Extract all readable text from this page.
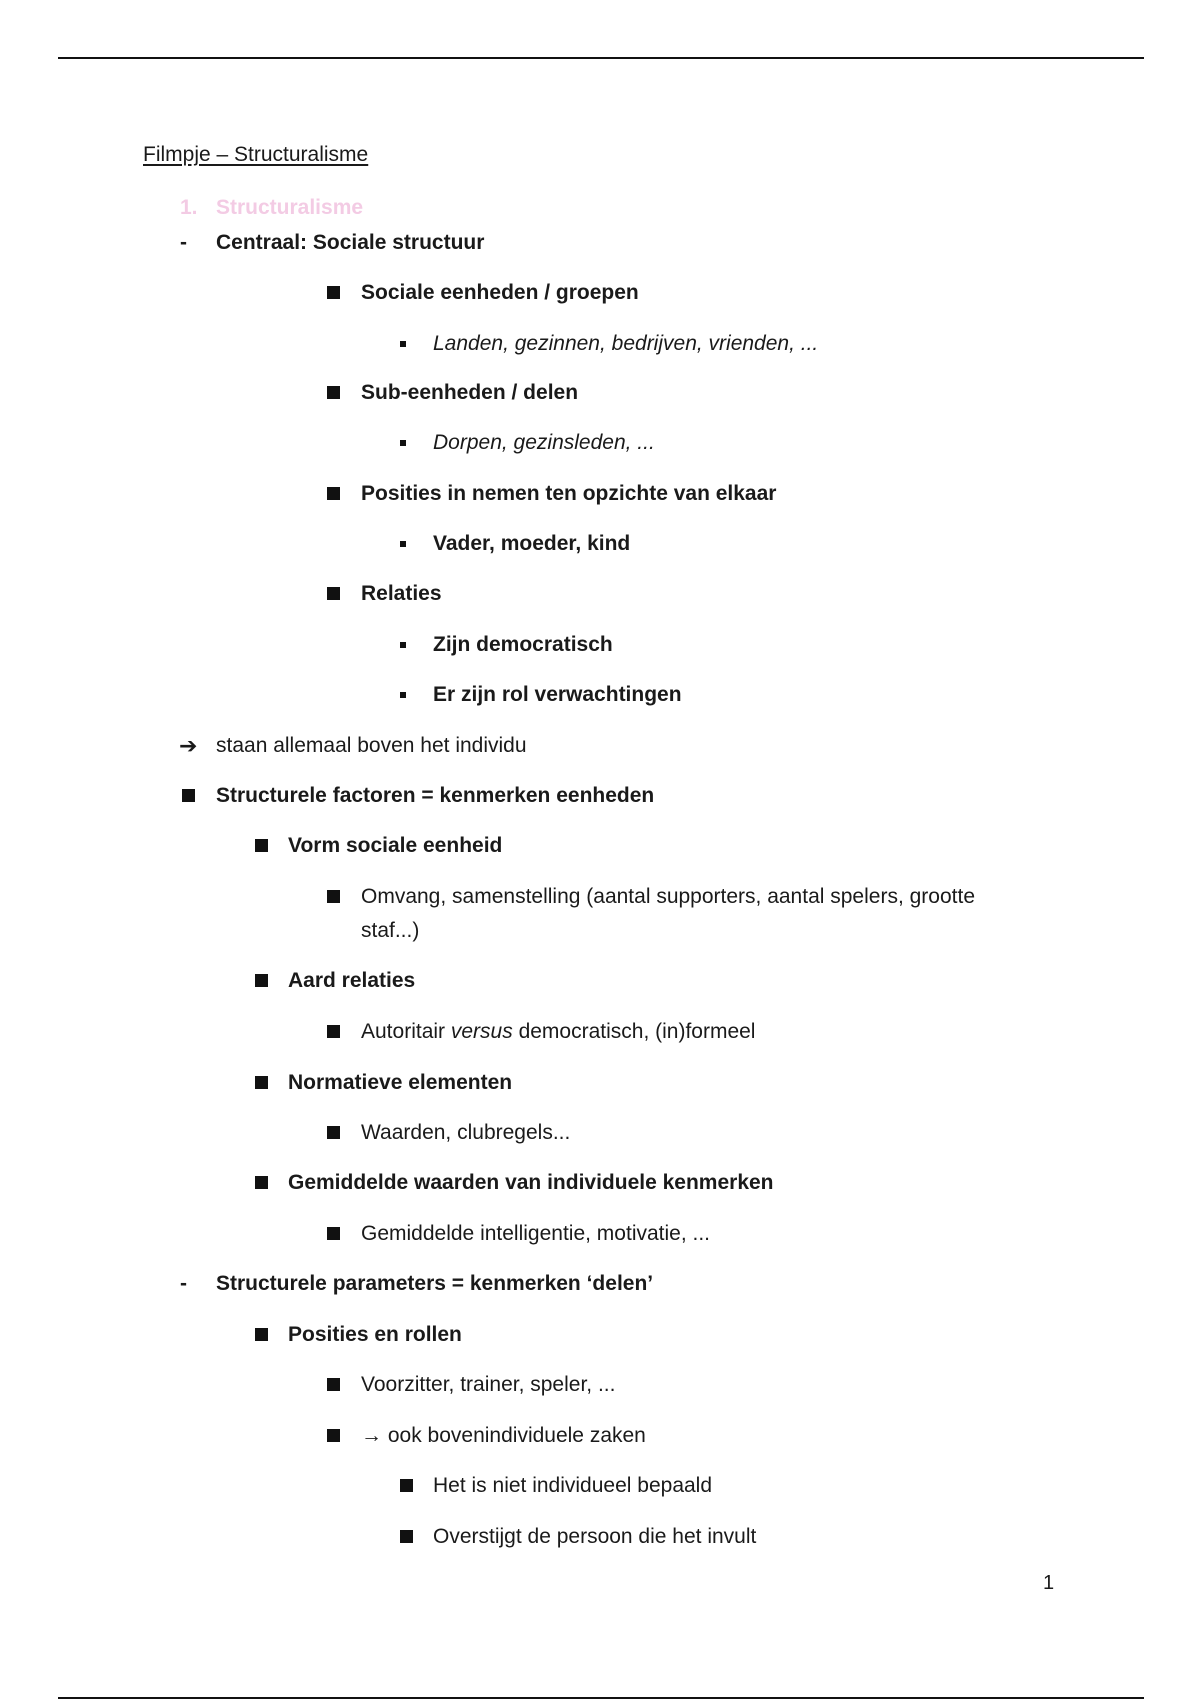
Filmpje – Structuralisme
1. Structuralisme
- Centraal: Sociale structuur
Sociale eenheden / groepen
Landen, gezinnen, bedrijven, vrienden, ...
Sub-eenheden / delen
Dorpen, gezinsleden, ...
Posities in nemen ten opzichte van elkaar
Vader, moeder, kind
Relaties
Zijn democratisch
Er zijn rol verwachtingen
➔ staan allemaal boven het individu
Structurele factoren = kenmerken eenheden
Vorm sociale eenheid
Omvang, samenstelling (aantal supporters, aantal spelers, grootte
staf...)
Aard relaties
Autoritair versus democratisch, (in)formeel
Normatieve elementen
Waarden, clubregels...
Gemiddelde waarden van individuele kenmerken
Gemiddelde intelligentie, motivatie, ...
- Structurele parameters = kenmerken ‘delen’
Posities en rollen
Voorzitter, trainer, speler, ...
→ ook bovenindividuele zaken
Het is niet individueel bepaald
Overstijgt de persoon die het invult
1
